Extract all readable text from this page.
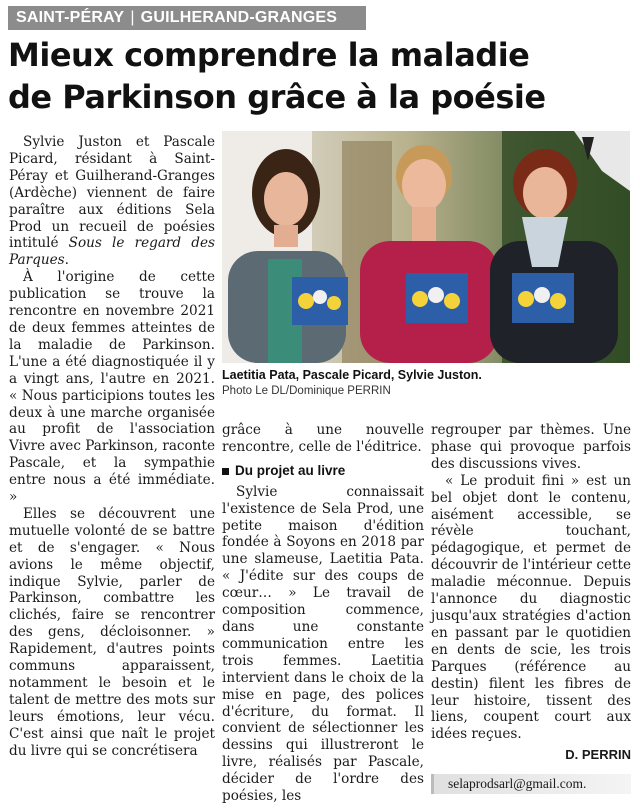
SAINT-PÉRAY | GUILHERAND-GRANGES
Mieux comprendre la maladie
de Parkinson grâce à la poésie

Sylvie Juston et Pascale Picard, résidant à Saint-Péray et Guilherand-Granges (Ardèche) viennent de faire paraître aux éditions Sela Prod un recueil de poésies intitulé Sous le regard des Parques.

À l'origine de cette publication se trouve la rencontre en novembre 2021 de deux femmes atteintes de la maladie de Parkinson. L'une a été diagnostiquée il y a vingt ans, l'autre en 2021. « Nous participions toutes les deux à une marche organisée au profit de l'association Vivre avec Parkinson, raconte Pascale, et la sympathie entre nous a été immédiate. »

Elles se découvrent une mutuelle volonté de se battre et de s'engager. « Nous avions le même objectif, indique Sylvie, parler de Parkinson, combattre les clichés, faire se rencontrer des gens, décloisonner. » Rapidement, d'autres points communs apparaissent, notamment le besoin et le talent de mettre des mots sur leurs émotions, leur vécu. C'est ainsi que naît le projet du livre qui se concrétisera

Laetitia Pata, Pascale Picard, Sylvie Juston.
Photo Le DL/Dominique PERRIN

grâce à une nouvelle rencontre, celle de l'éditrice.

Du projet au livre

Sylvie connaissait l'existence de Sela Prod, une petite maison d'édition fondée à Soyons en 2018 par une slameuse, Laetitia Pata. « J'édite sur des coups de cœur… » Le travail de composition commence, dans une constante communication entre les trois femmes. Laetitia intervient dans le choix de la mise en page, des polices d'écriture, du format. Il convient de sélectionner les dessins qui illustreront le livre, réalisés par Pascale, décider de l'ordre des poésies, les

regrouper par thèmes. Une phase qui provoque parfois des discussions vives.

« Le produit fini » est un bel objet dont le contenu, aisément accessible, se révèle touchant, pédagogique, et permet de découvrir de l'intérieur cette maladie méconnue. Depuis l'annonce du diagnostic jusqu'aux stratégies d'action en passant par le quotidien en dents de scie, les trois Parques (référence au destin) filent les fibres de leur histoire, tissent des liens, coupent court aux idées reçues.

D. PERRIN
selaprodsarl@gmail.com.
